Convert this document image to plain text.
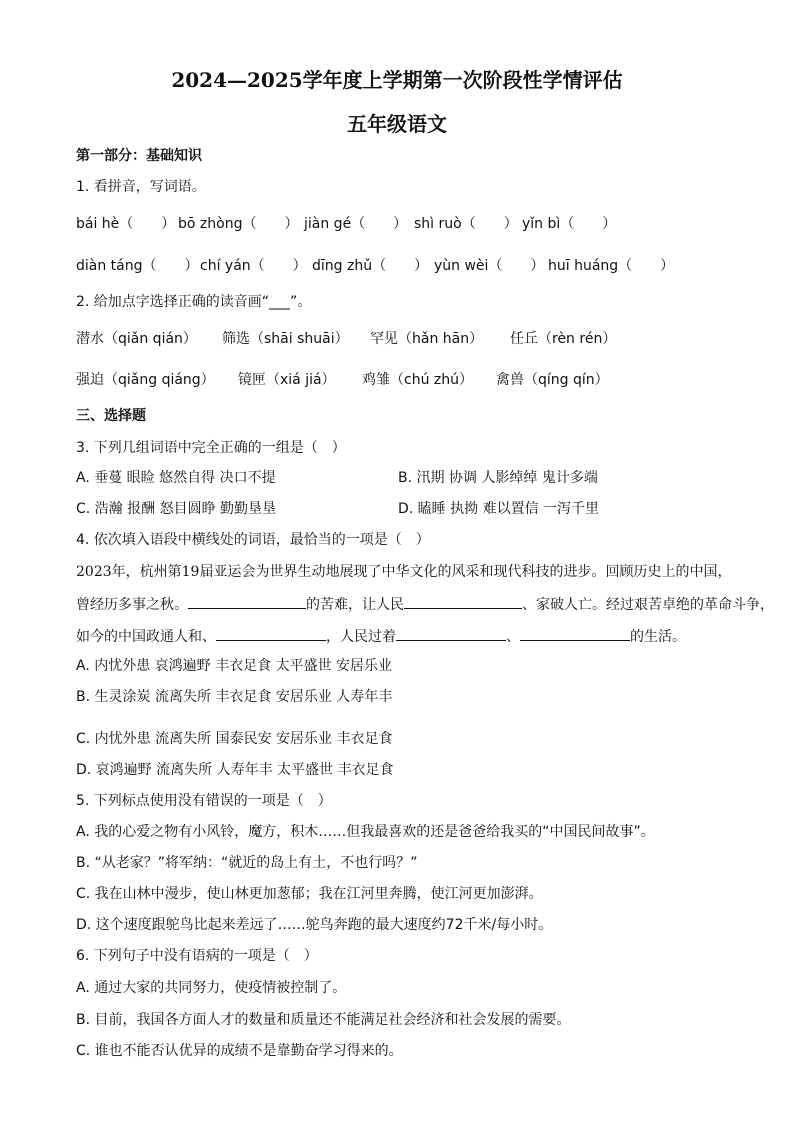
2024—2025学年度上学期第一次阶段性学情评估
五年级语文
第一部分：基础知识
1. 看拼音，写词语。
bái hè（　　） bō zhòng（　　） jiàn gé（　　） shì ruò（　　） yǐn bì（　　）
diàn táng（　　） chí yán（　　） dīng zhǔ（　　） yùn wèi（　　） huī huáng（　　）
2. 给加点字选择正确的读音画“___”。
潜水（qiǎn qián） 筛选（shāi shuāi） 罕见（hǎn hān） 任丘（rèn rén）
强迫（qiǎng qiáng） 镜匣（xiá jiá） 鸡雏（chú zhú） 禽兽（qíng qín）
三、选择题
3. 下列几组词语中完全正确的一组是（　）
A. 垂蔓 眼睑 悠然自得 决口不提	B. 汛期 协调 人影绰绰 鬼计多端
C. 浩瀚 报酬 怒目圆睁 勤勤垦垦	D. 瞌睡 执拗 难以置信 一泻千里
4. 依次填入语段中横线处的词语，最恰当的一项是（　）
2023年，杭州第19届亚运会为世界生动地展现了中华文化的风采和现代科技的进步。回顾历史上的中国，
曾经历多事之秋。	的苦难，让人民	、家破人亡。经过艰苦卓绝的革命斗争，
如今的中国政通人和、	，人民过着	、	的生活。
A. 内忧外患 哀鸿遍野 丰衣足食 太平盛世 安居乐业
B. 生灵涂炭 流离失所 丰衣足食 安居乐业 人寿年丰
C. 内忧外患 流离失所 国泰民安 安居乐业 丰衣足食
D. 哀鸿遍野 流离失所 人寿年丰 太平盛世 丰衣足食
5. 下列标点使用没有错误的一项是（　）
A. 我的心爱之物有小风铃，魔方，积木……但我最喜欢的还是爸爸给我买的“中国民间故事”。
B. “从老家？”将军纳：“就近的岛上有土，不也行吗？”
C. 我在山林中漫步，使山林更加葱郁；我在江河里奔腾，使江河更加澎湃。
D. 这个速度跟鸵鸟比起来差远了……鸵鸟奔跑的最大速度约72千米/每小时。
6. 下列句子中没有语病的一项是（　）
A. 通过大家的共同努力，使疫情被控制了。
B. 目前，我国各方面人才的数量和质量还不能满足社会经济和社会发展的需要。
C. 谁也不能否认优异的成绩不是靠勤奋学习得来的。
